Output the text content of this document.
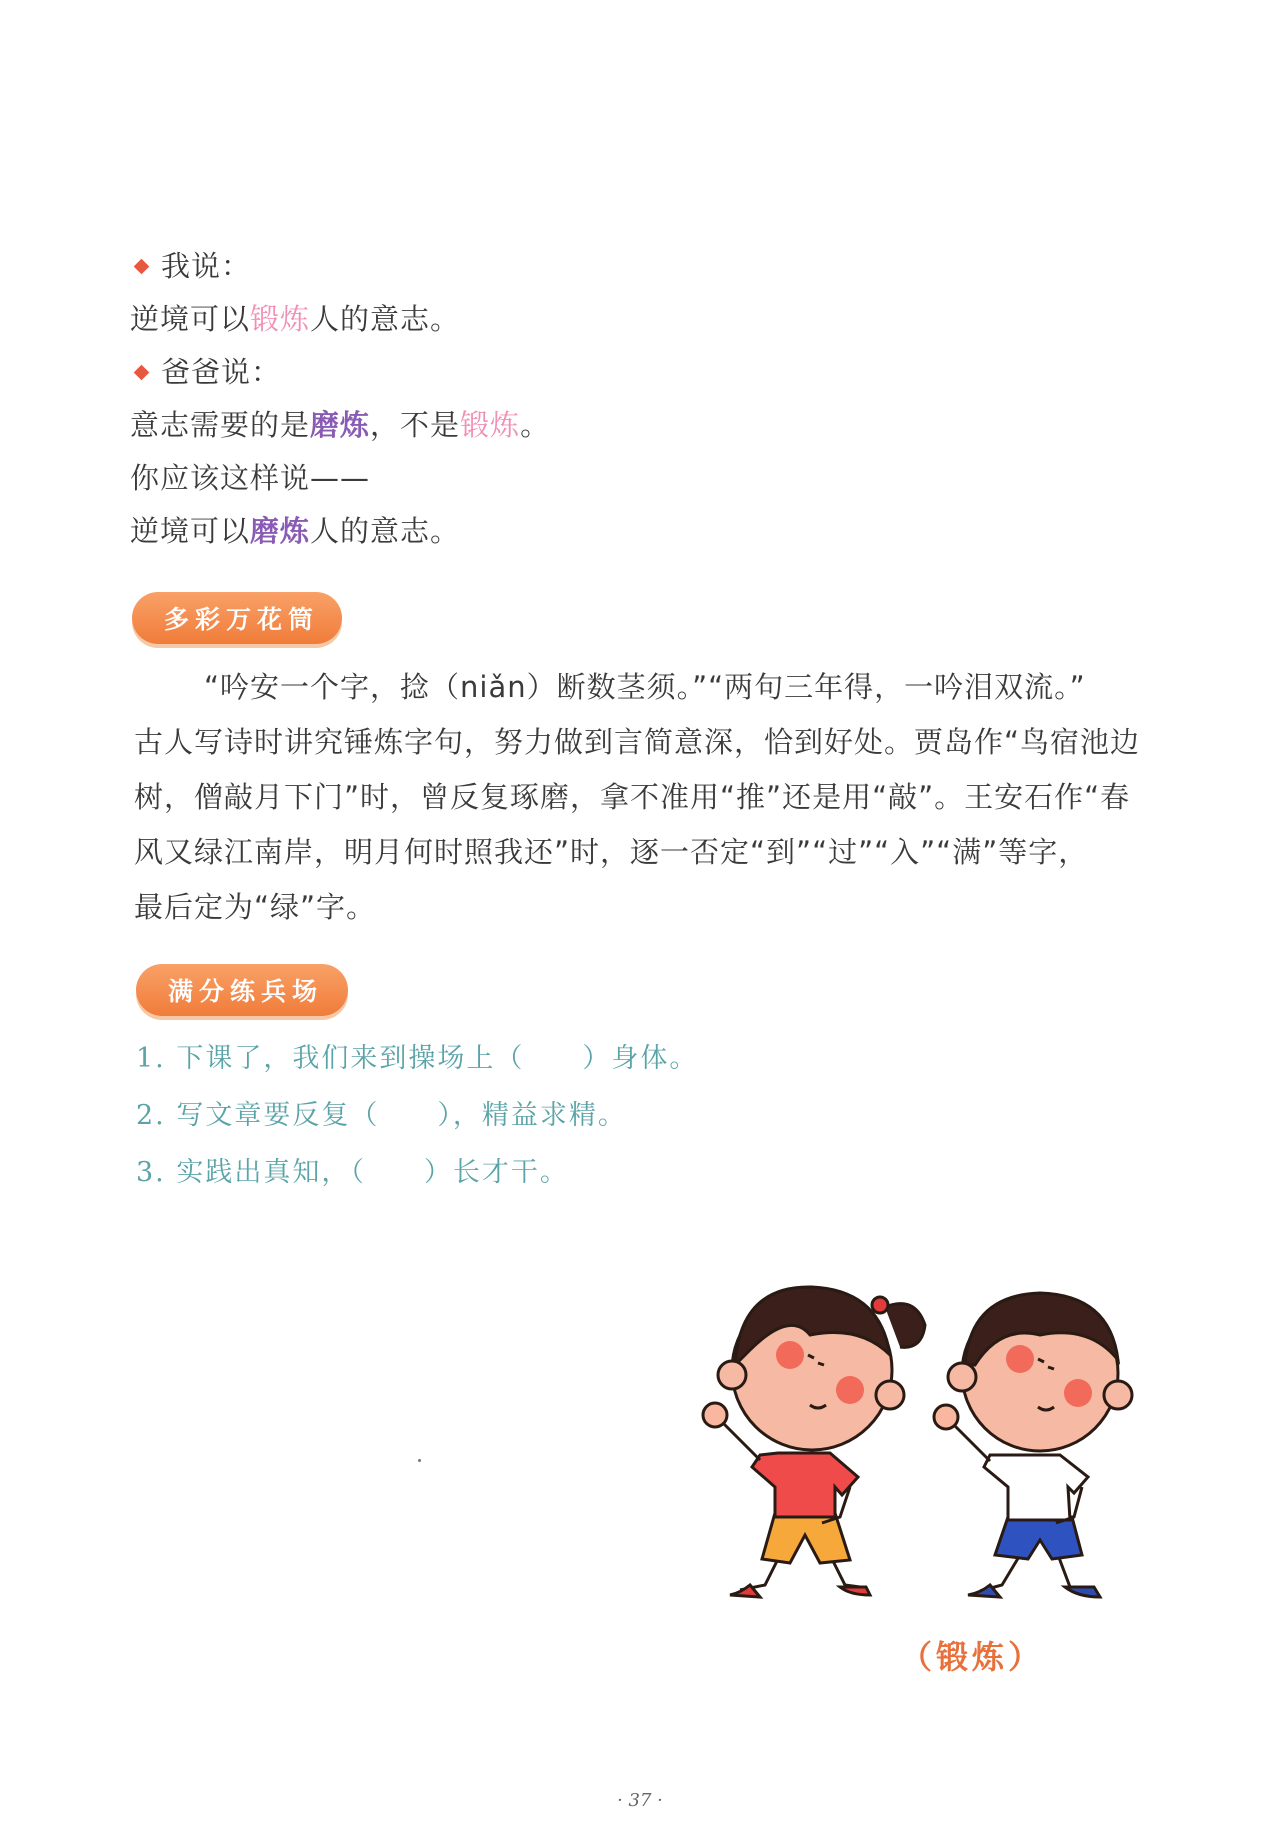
我说：
逆境可以锻炼人的意志。
爸爸说：
意志需要的是磨炼，不是锻炼。
你应该这样说——
逆境可以磨炼人的意志。
多彩万花筒
“吟安一个字，捻（niǎn）断数茎须。”“两句三年得，一吟泪双流。”
古人写诗时讲究锤炼字句，努力做到言简意深，恰到好处。贾岛作“鸟宿池边
树，僧敲月下门”时，曾反复琢磨，拿不准用“推”还是用“敲”。王安石作“春
风又绿江南岸，明月何时照我还”时，逐一否定“到”“过”“入”“满”等字，
最后定为“绿”字。
满分练兵场
1. 下课了，我们来到操场上（　　）身体。
2. 写文章要反复（　　），精益求精。
3. 实践出真知，（　　）长才干。
（锻炼）
· 37 ·
